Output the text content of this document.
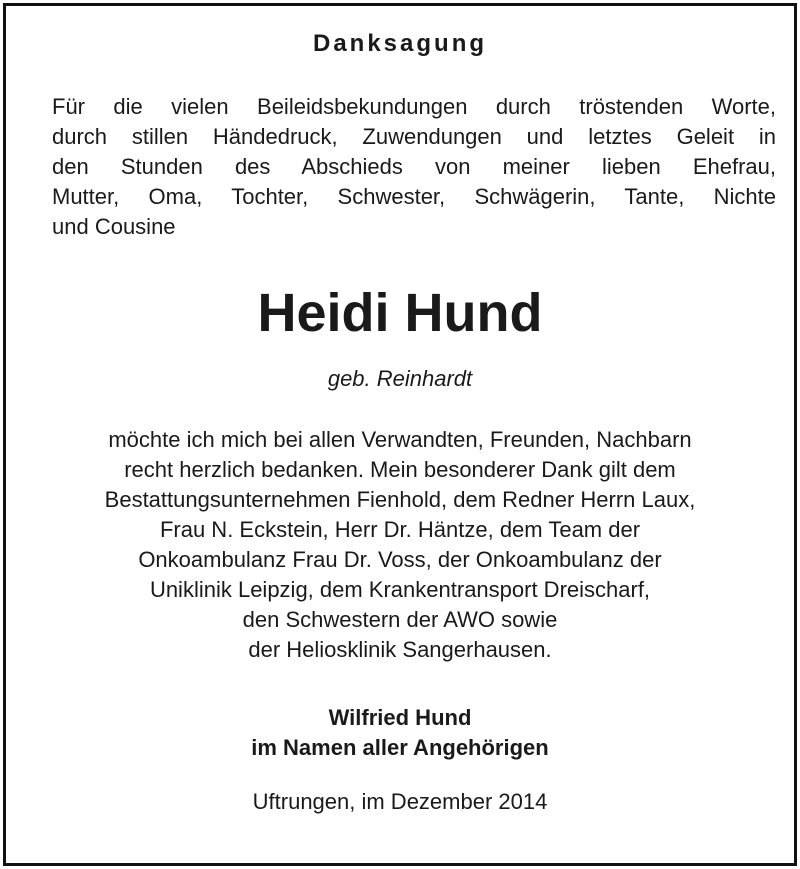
Danksagung
Für die vielen Beileidsbekundungen durch tröstenden Worte,
durch stillen Händedruck, Zuwendungen und letztes Geleit in
den Stunden des Abschieds von meiner lieben Ehefrau,
Mutter, Oma, Tochter, Schwester, Schwägerin, Tante, Nichte
und Cousine
Heidi Hund
geb. Reinhardt
möchte ich mich bei allen Verwandten, Freunden, Nachbarn
recht herzlich bedanken. Mein besonderer Dank gilt dem
Bestattungsunternehmen Fienhold, dem Redner Herrn Laux,
Frau N. Eckstein, Herr Dr. Häntze, dem Team der
Onkoambulanz Frau Dr. Voss, der Onkoambulanz der
Uniklinik Leipzig, dem Krankentransport Dreischarf,
den Schwestern der AWO sowie
der Heliosklinik Sangerhausen.
Wilfried Hund
im Namen aller Angehörigen
Uftrungen, im Dezember 2014
